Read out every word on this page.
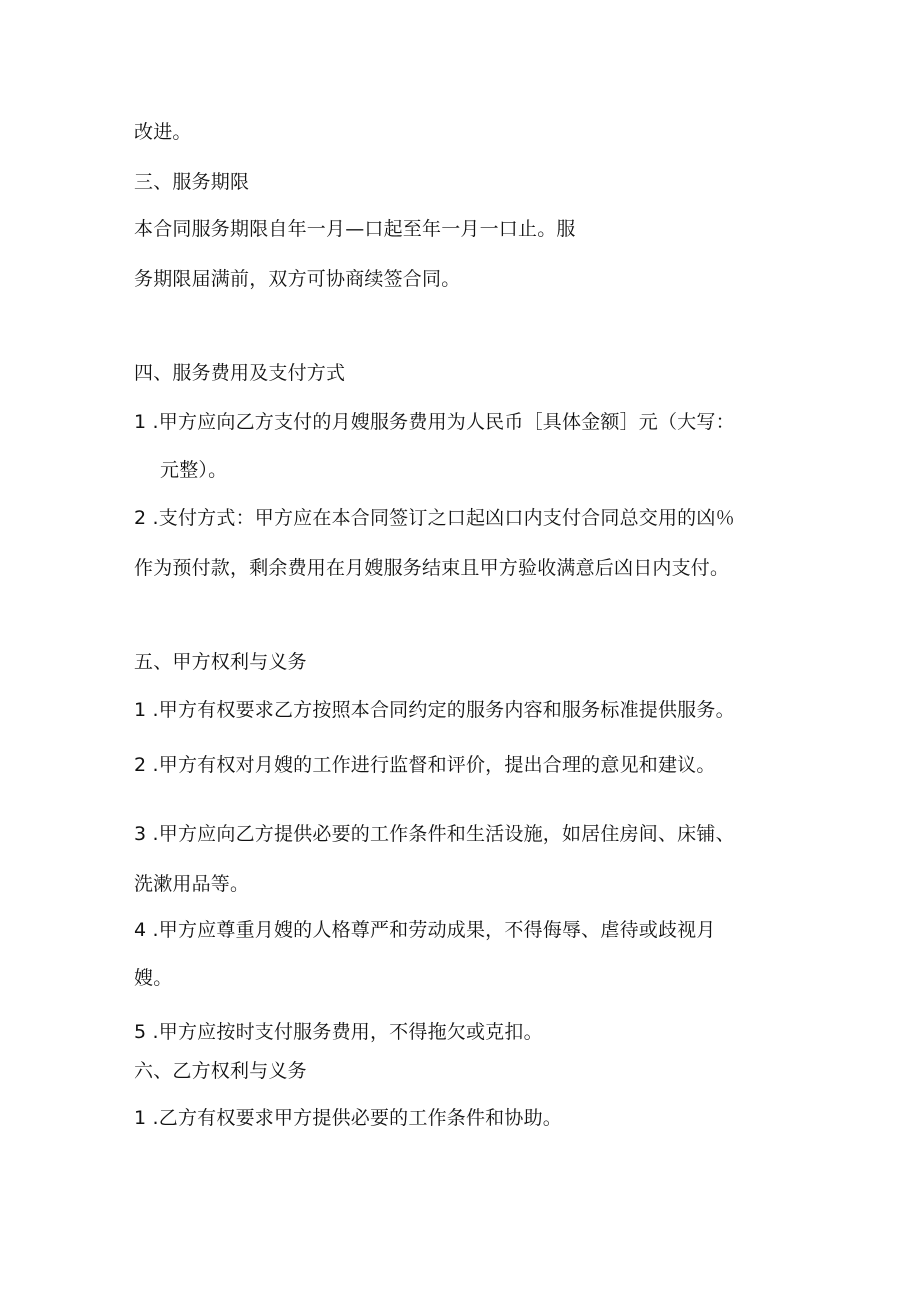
改进。
三、服务期限
本合同服务期限自年一月—口起至年一月一口止。服
务期限届满前，双方可协商续签合同。
四、服务费用及支付方式
1 .甲方应向乙方支付的月嫂服务费用为人民币［具体金额］元（大写：
元整）。
2 .支付方式：甲方应在本合同签订之口起凶口内支付合同总交用的凶％
作为预付款，剩余费用在月嫂服务结束且甲方验收满意后凶日内支付。
五、甲方权利与义务
1 .甲方有权要求乙方按照本合同约定的服务内容和服务标准提供服务。
2 .甲方有权对月嫂的工作进行监督和评价，提出合理的意见和建议。
3 .甲方应向乙方提供必要的工作条件和生活设施，如居住房间、床铺、
洗漱用品等。
4 .甲方应尊重月嫂的人格尊严和劳动成果，不得侮辱、虐待或歧视月
嫂。
5 .甲方应按时支付服务费用，不得拖欠或克扣。
六、乙方权利与义务
1 .乙方有权要求甲方提供必要的工作条件和协助。
